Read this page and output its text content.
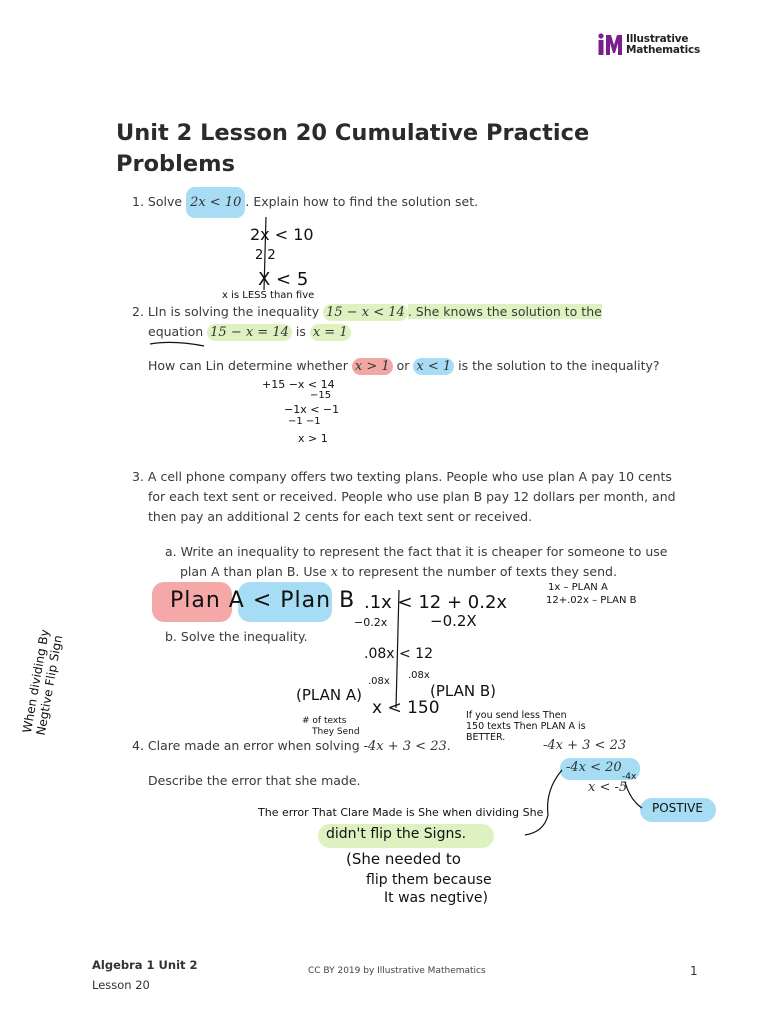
Illustrative
Mathematics
Unit 2 Lesson 20 Cumulative Practice
Problems
1. Solve 2x < 10 . Explain how to find the solution set.
2x < 10
2 2
X < 5
x is LESS than five
2. LIn is solving the inequality 15 − x < 14 . She knows the solution to the
equation 15 − x = 14 is x = 1
How can Lin determine whether x > 1 or x < 1 is the solution to the inequality?
+15 −x < 14
−15
−1x < −1
−1 −1
x > 1
3. A cell phone company offers two texting plans. People who use plan A pay 10 cents
for each text sent or received. People who use plan B pay 12 dollars per month, and
then pay an additional 2 cents for each text sent or received.
a. Write an inequality to represent the fact that it is cheaper for someone to use
plan A than plan B. Use x to represent the number of texts they send.
Plan A < Plan B
1x – PLAN A
12+.02x – PLAN B
.1x < 12 + 0.2x
−0.2x	−0.2X
.08x < 12
.08x
.08x
b. Solve the inequality.
(PLAN A)	(PLAN B)
x < 150
# of texts
They Send
If you send less Then 150 texts Then PLAN A is BETTER.
When dividing By Negtive Flip Sign
4. Clare made an error when solving -4x + 3 < 23.
Describe the error that she made.
-4x + 3 < 23
-4x < 20
-4x
x < -5
POSTIVE
The error That Clare Made is She when dividing She
didn't flip the Signs.
(She needed to
flip them because
It was negtive)
Algebra 1 Unit 2
Lesson 20
CC BY 2019 by Illustrative Mathematics	1
